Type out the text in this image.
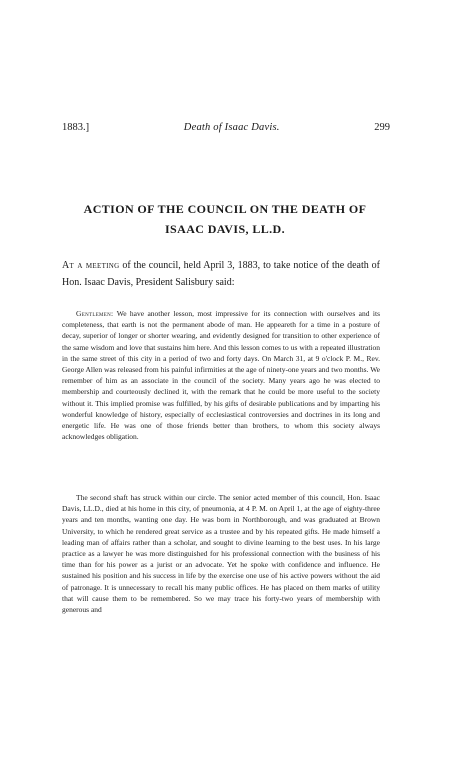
1883.]	Death of Isaac Davis.	299
ACTION OF THE COUNCIL ON THE DEATH OF
ISAAC DAVIS, LL.D.
At a meeting of the council, held April 3, 1883, to take notice of the death of Hon. Isaac Davis, President Salisbury said:

Gentlemen: We have another lesson, most impressive for its connection with ourselves and its completeness, that earth is not the permanent abode of man. He appeareth for a time in a posture of decay, superior of longer or shorter wearing, and evidently designed for transition to other experience of the same wisdom and love that sustains him here. And this lesson comes to us with a repeated illustration in the same street of this city in a period of two and forty days. On March 31, at 9 o'clock P. M., Rev. George Allen was released from his painful infirmities at the age of ninety-one years and two months. We remember of him as an associate in the council of the society. Many years ago he was elected to membership and courteously declined it, with the remark that he could be more useful to the society without it. This implied promise was fulfilled, by his gifts of desirable publications and by imparting his wonderful knowledge of history, especially of ecclesiastical controversies and doctrines in its long and energetic life. He was one of those friends better than brothers, to whom this society always acknowledges obligation.

The second shaft has struck within our circle. The senior acted member of this council, Hon. Isaac Davis, LL.D., died at his home in this city, of pneumonia, at 4 P. M. on April 1, at the age of eighty-three years and ten months, wanting one day. He was born in Northborough, and was graduated at Brown University, to which he rendered great service as a trustee and by his repeated gifts. He made himself a leading man of affairs rather than a scholar, and sought to divine learning to the best uses. In his large practice as a lawyer he was more distinguished for his professional connection with the business of his time than for his power as a jurist or an advocate. Yet he spoke with confidence and influence. He sustained his position and his success in life by the exercise one use of his active powers without the aid of patronage. It is unnecessary to recall his many public offices. He has placed on them marks of utility that will cause them to be remembered. So we may trace his forty-two years of membership with generous and
